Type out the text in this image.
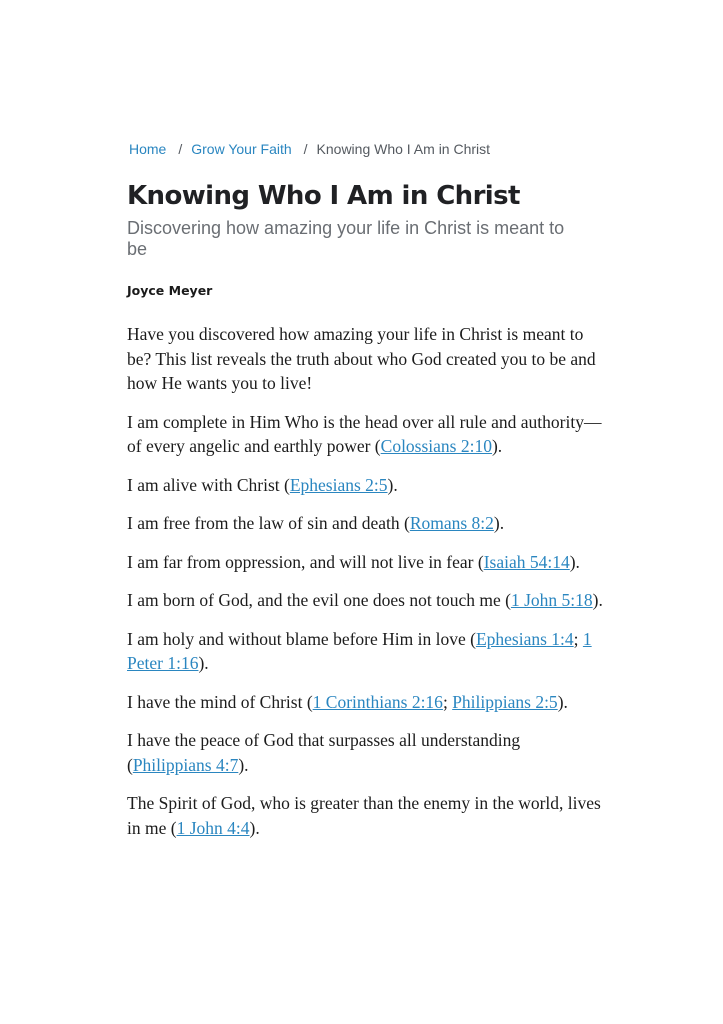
Home / Grow Your Faith / Knowing Who I Am in Christ
Knowing Who I Am in Christ
Discovering how amazing your life in Christ is meant to be
Joyce Meyer

Have you discovered how amazing your life in Christ is meant to be? This list reveals the truth about who God created you to be and how He wants you to live!

I am complete in Him Who is the head over all rule and authority—of every angelic and earthly power (Colossians 2:10).

I am alive with Christ (Ephesians 2:5).

I am free from the law of sin and death (Romans 8:2).

I am far from oppression, and will not live in fear (Isaiah 54:14).

I am born of God, and the evil one does not touch me (1 John 5:18).

I am holy and without blame before Him in love (Ephesians 1:4; 1 Peter 1:16).

I have the mind of Christ (1 Corinthians 2:16; Philippians 2:5).

I have the peace of God that surpasses all understanding (Philippians 4:7).

The Spirit of God, who is greater than the enemy in the world, lives in me (1 John 4:4).
